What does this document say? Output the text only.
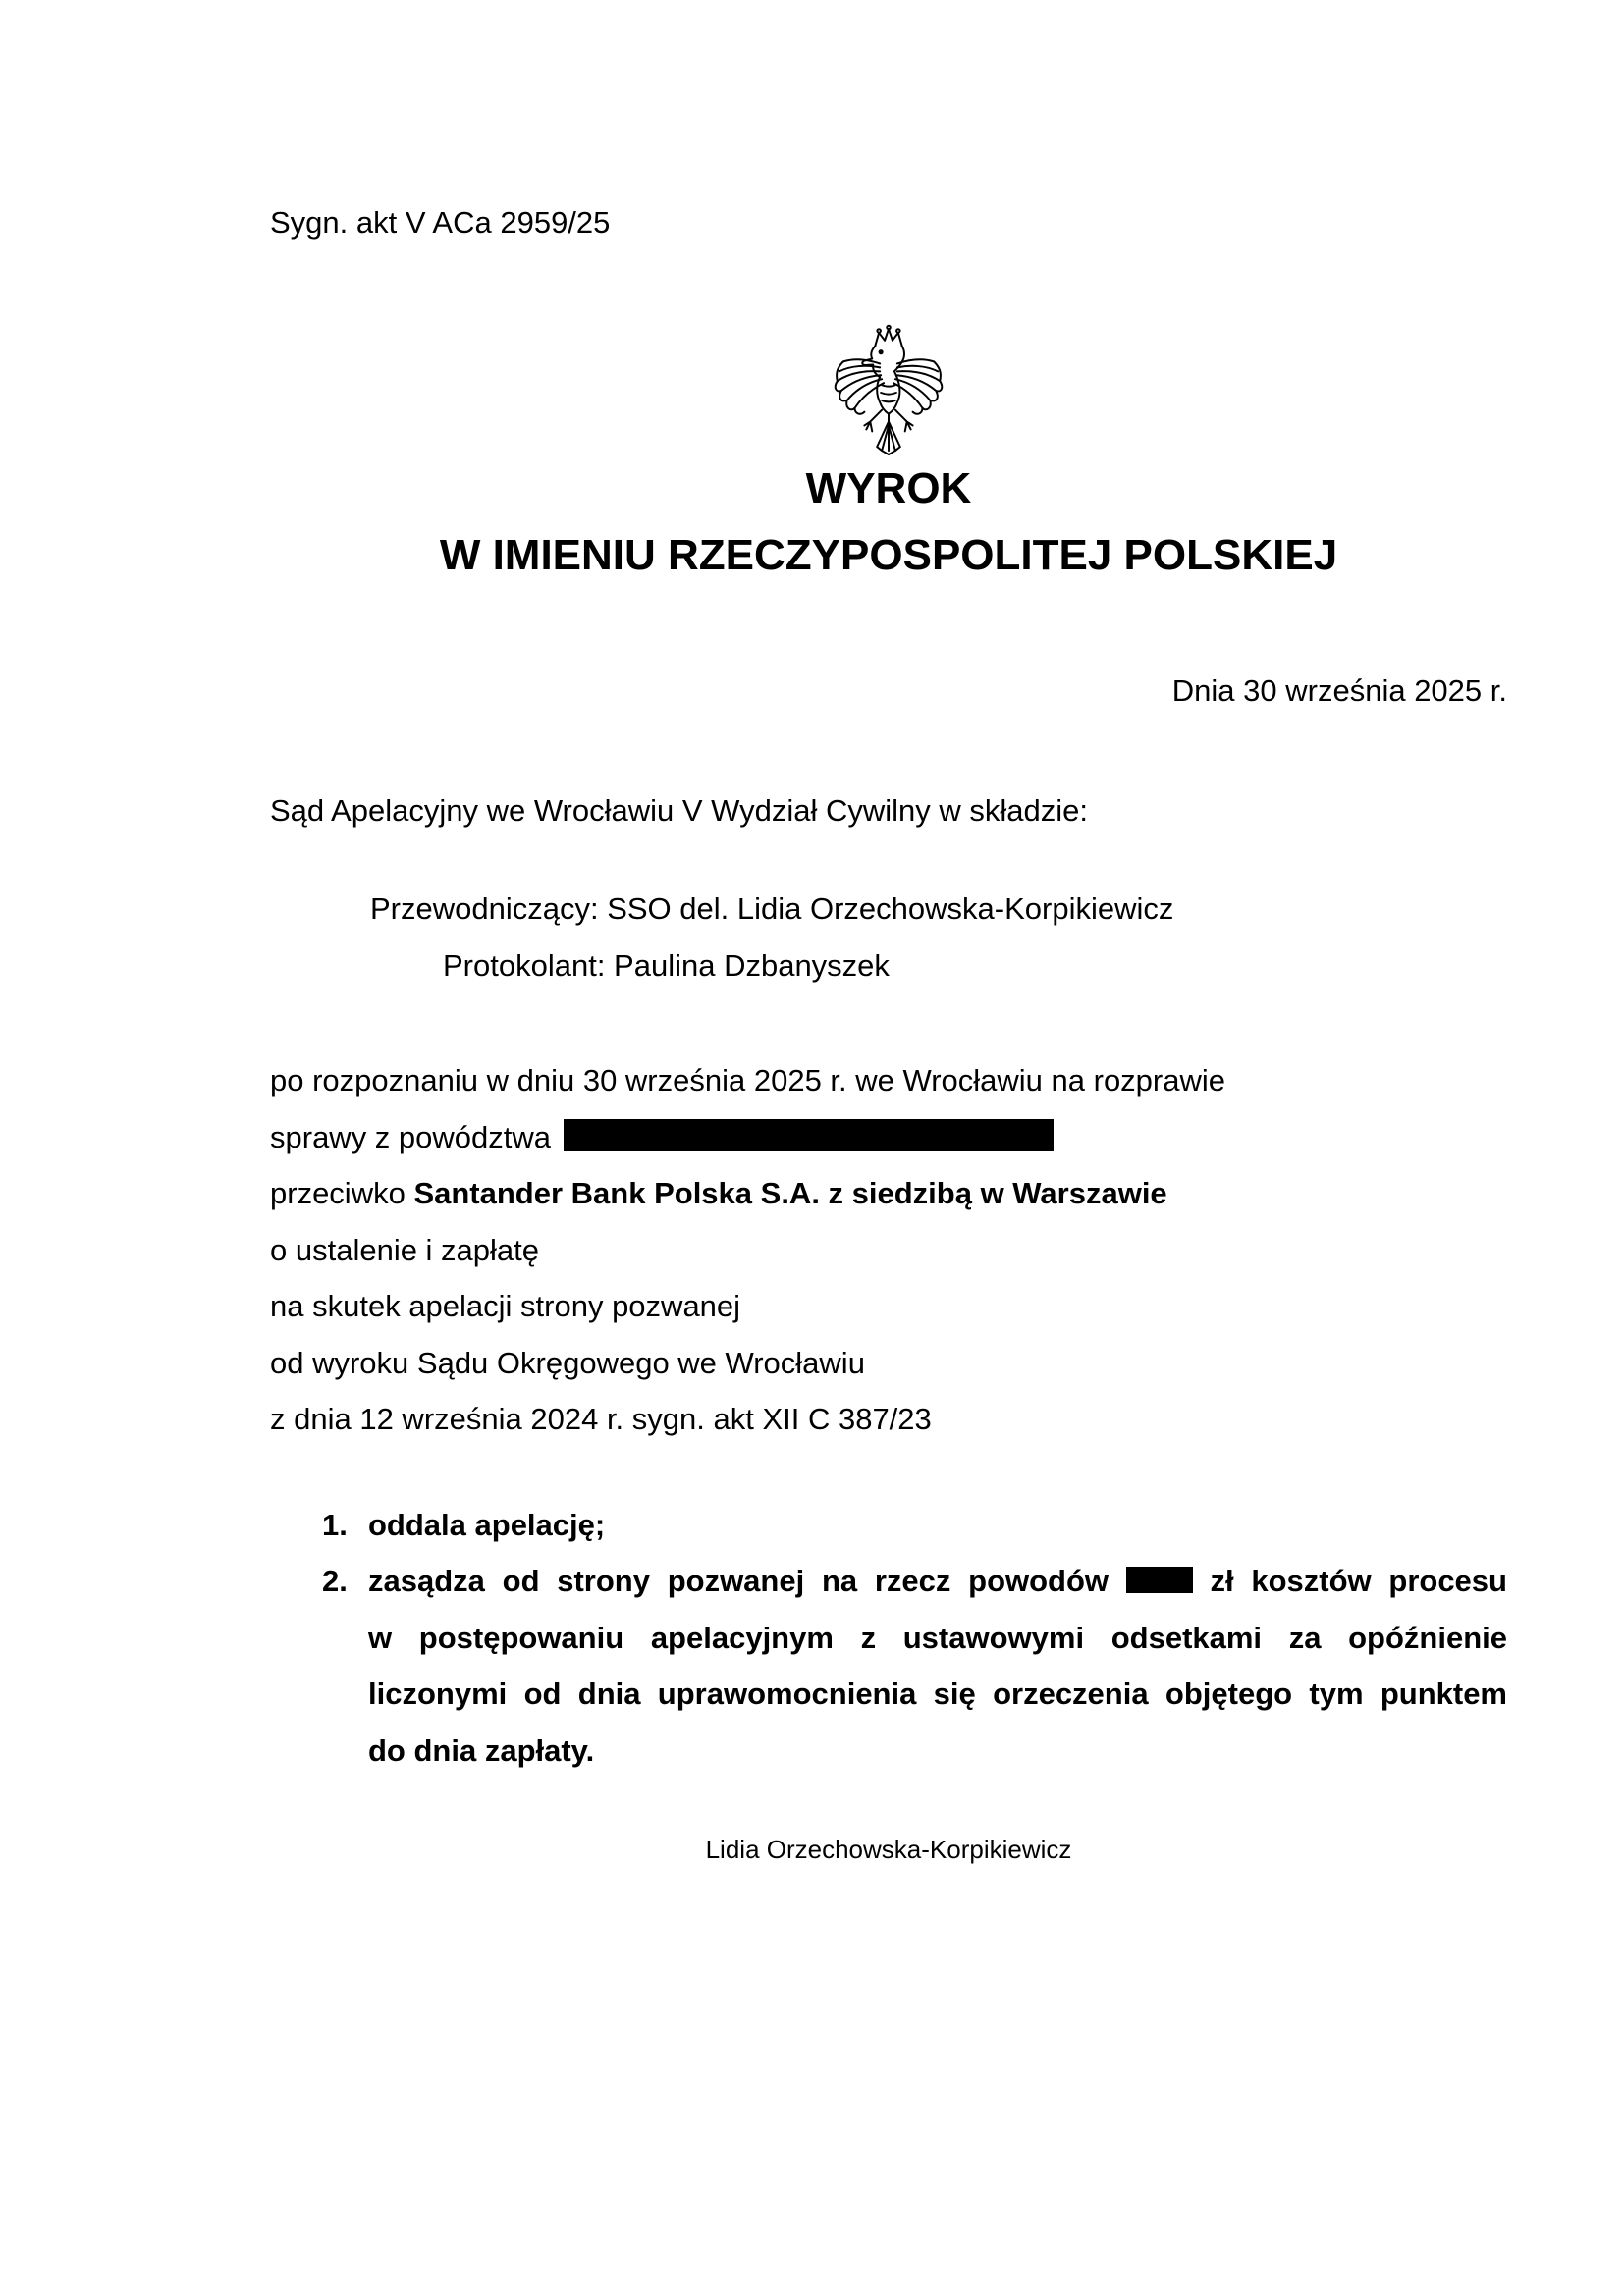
Sygn. akt V ACa 2959/25
WYROK
W IMIENIU RZECZYPOSPOLITEJ POLSKIEJ
Dnia 30 września 2025 r.
Sąd Apelacyjny we Wrocławiu V Wydział Cywilny w składzie:
Przewodniczący: SSO del. Lidia Orzechowska-Korpikiewicz
Protokolant: Paulina Dzbanyszek
po rozpoznaniu w dniu 30 września 2025 r. we Wrocławiu na rozprawie
sprawy z powództwa
przeciwko Santander Bank Polska S.A. z siedzibą w Warszawie
o ustalenie i zapłatę
na skutek apelacji strony pozwanej
od wyroku Sądu Okręgowego we Wrocławiu
z dnia 12 września 2024 r. sygn. akt XII C 387/23
1. oddala apelację;
2. zasądza od strony pozwanej na rzecz powodów	zł kosztów procesu
w postępowaniu apelacyjnym z ustawowymi odsetkami za opóźnienie
liczonymi od dnia uprawomocnienia się orzeczenia objętego tym punktem
do dnia zapłaty.
Lidia Orzechowska-Korpikiewicz
